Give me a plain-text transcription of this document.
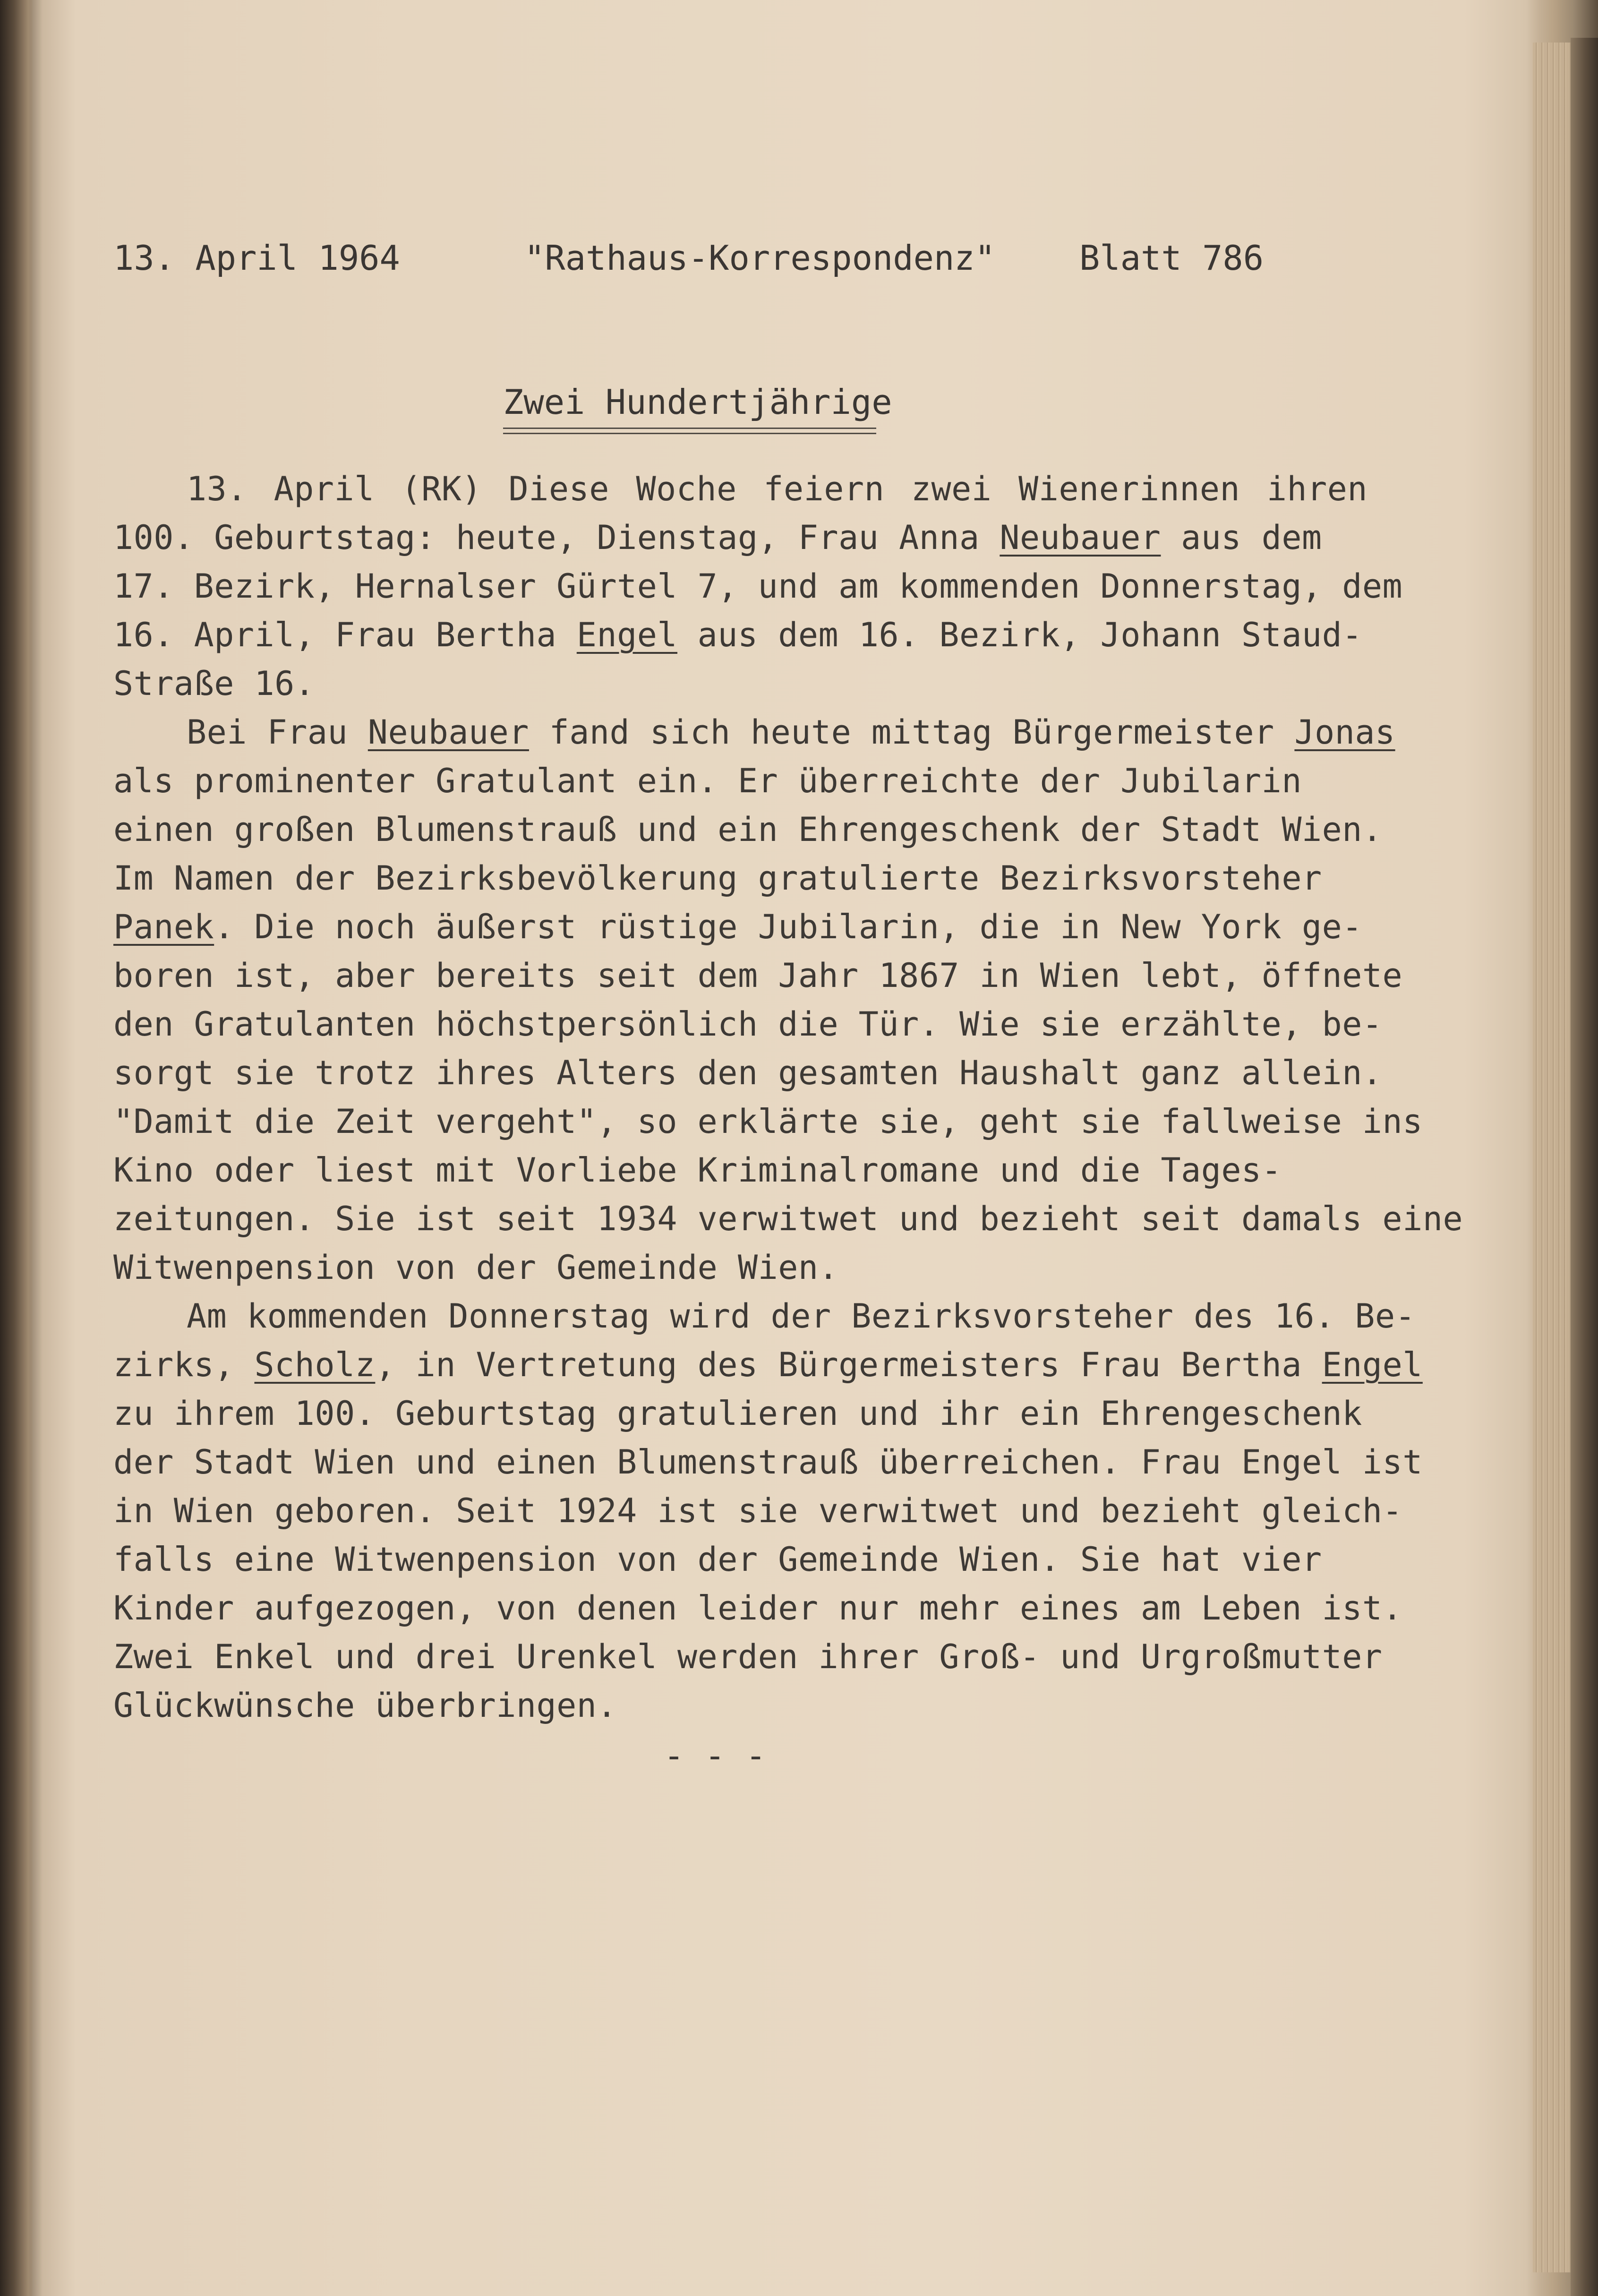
13. April 1964	"Rathaus-Korrespondenz" Blatt 786
Zwei Hundertjährige
13. April (RK) Diese Woche feiern zwei Wienerinnen ihren
100. Geburtstag: heute, Dienstag, Frau Anna Neubauer aus dem
17. Bezirk, Hernalser Gürtel 7, und am kommenden Donnerstag, dem
16. April, Frau Bertha Engel aus dem 16. Bezirk, Johann Staud-
Straße 16.
Bei Frau Neubauer fand sich heute mittag Bürgermeister Jonas
als prominenter Gratulant ein. Er überreichte der Jubilarin
einen großen Blumenstrauß und ein Ehrengeschenk der Stadt Wien.
Im Namen der Bezirksbevölkerung gratulierte Bezirksvorsteher
Panek. Die noch äußerst rüstige Jubilarin, die in New York ge-
boren ist, aber bereits seit dem Jahr 1867 in Wien lebt, öffnete
den Gratulanten höchstpersönlich die Tür. Wie sie erzählte, be-
sorgt sie trotz ihres Alters den gesamten Haushalt ganz allein.
"Damit die Zeit vergeht", so erklärte sie, geht sie fallweise ins
Kino oder liest mit Vorliebe Kriminalromane und die Tages-
zeitungen. Sie ist seit 1934 verwitwet und bezieht seit damals eine
Witwenpension von der Gemeinde Wien.
Am kommenden Donnerstag wird der Bezirksvorsteher des 16. Be-
zirks, Scholz, in Vertretung des Bürgermeisters Frau Bertha Engel
zu ihrem 100. Geburtstag gratulieren und ihr ein Ehrengeschenk
der Stadt Wien und einen Blumenstrauß überreichen. Frau Engel ist
in Wien geboren. Seit 1924 ist sie verwitwet und bezieht gleich-
falls eine Witwenpension von der Gemeinde Wien. Sie hat vier
Kinder aufgezogen, von denen leider nur mehr eines am Leben ist.
Zwei Enkel und drei Urenkel werden ihrer Groß- und Urgroßmutter
Glückwünsche überbringen.
- - -
